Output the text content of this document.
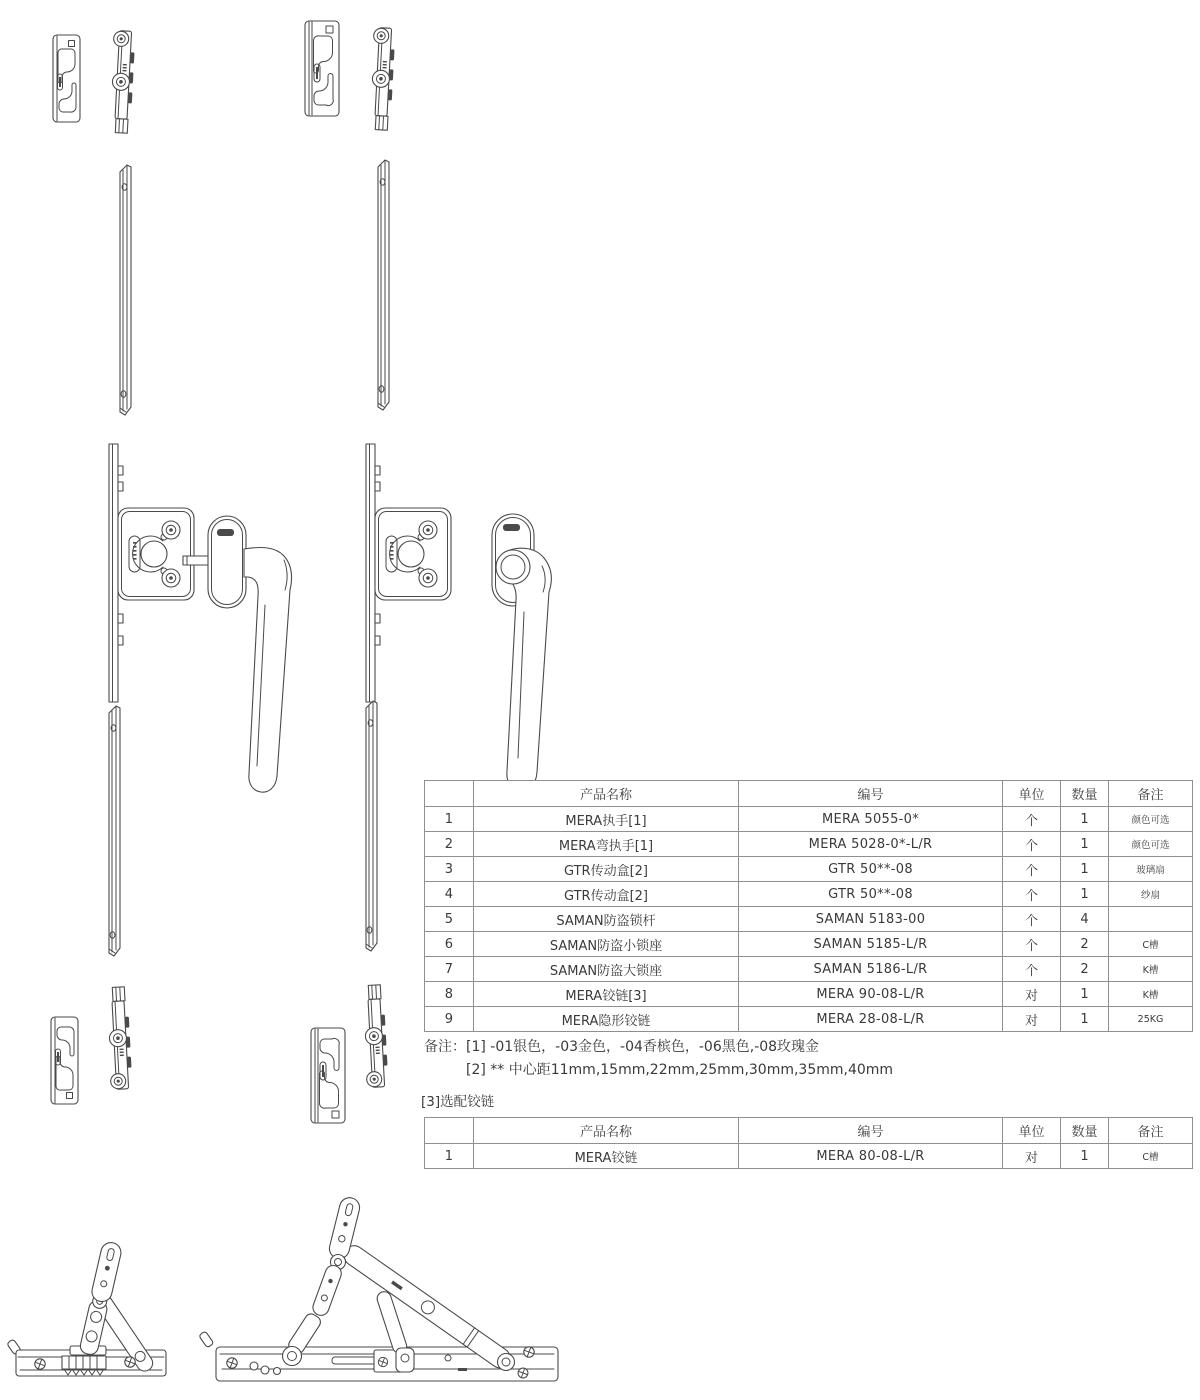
	产品名称	编号	单位	数量	备注
1	MERA执手[1]	MERA 5055-0*	个	1	颜色可选
2	MERA弯执手[1]	MERA 5028-0*-L/R	个	1	颜色可选
3	GTR传动盒[2]	GTR 50**-08	个	1	玻璃扇
4	GTR传动盒[2]	GTR 50**-08	个	1	纱扇
5	SAMAN防盗锁杆	SAMAN 5183-00	个	4	
6	SAMAN防盗小锁座	SAMAN 5185-L/R	个	2	C槽
7	SAMAN防盗大锁座	SAMAN 5186-L/R	个	2	K槽
8	MERA铰链[3]	MERA 90-08-L/R	对	1	K槽
9	MERA隐形铰链	MERA 28-08-L/R	对	1	25KG
备注： [1] -01银色，-03金色，-04香槟色，-06黑色,-08玫瑰金
[2] ** 中心距11mm,15mm,22mm,25mm,30mm,35mm,40mm
[3]选配铰链
	产品名称	编号	单位	数量	备注
1	MERA铰链	MERA 80-08-L/R	对	1	C槽
